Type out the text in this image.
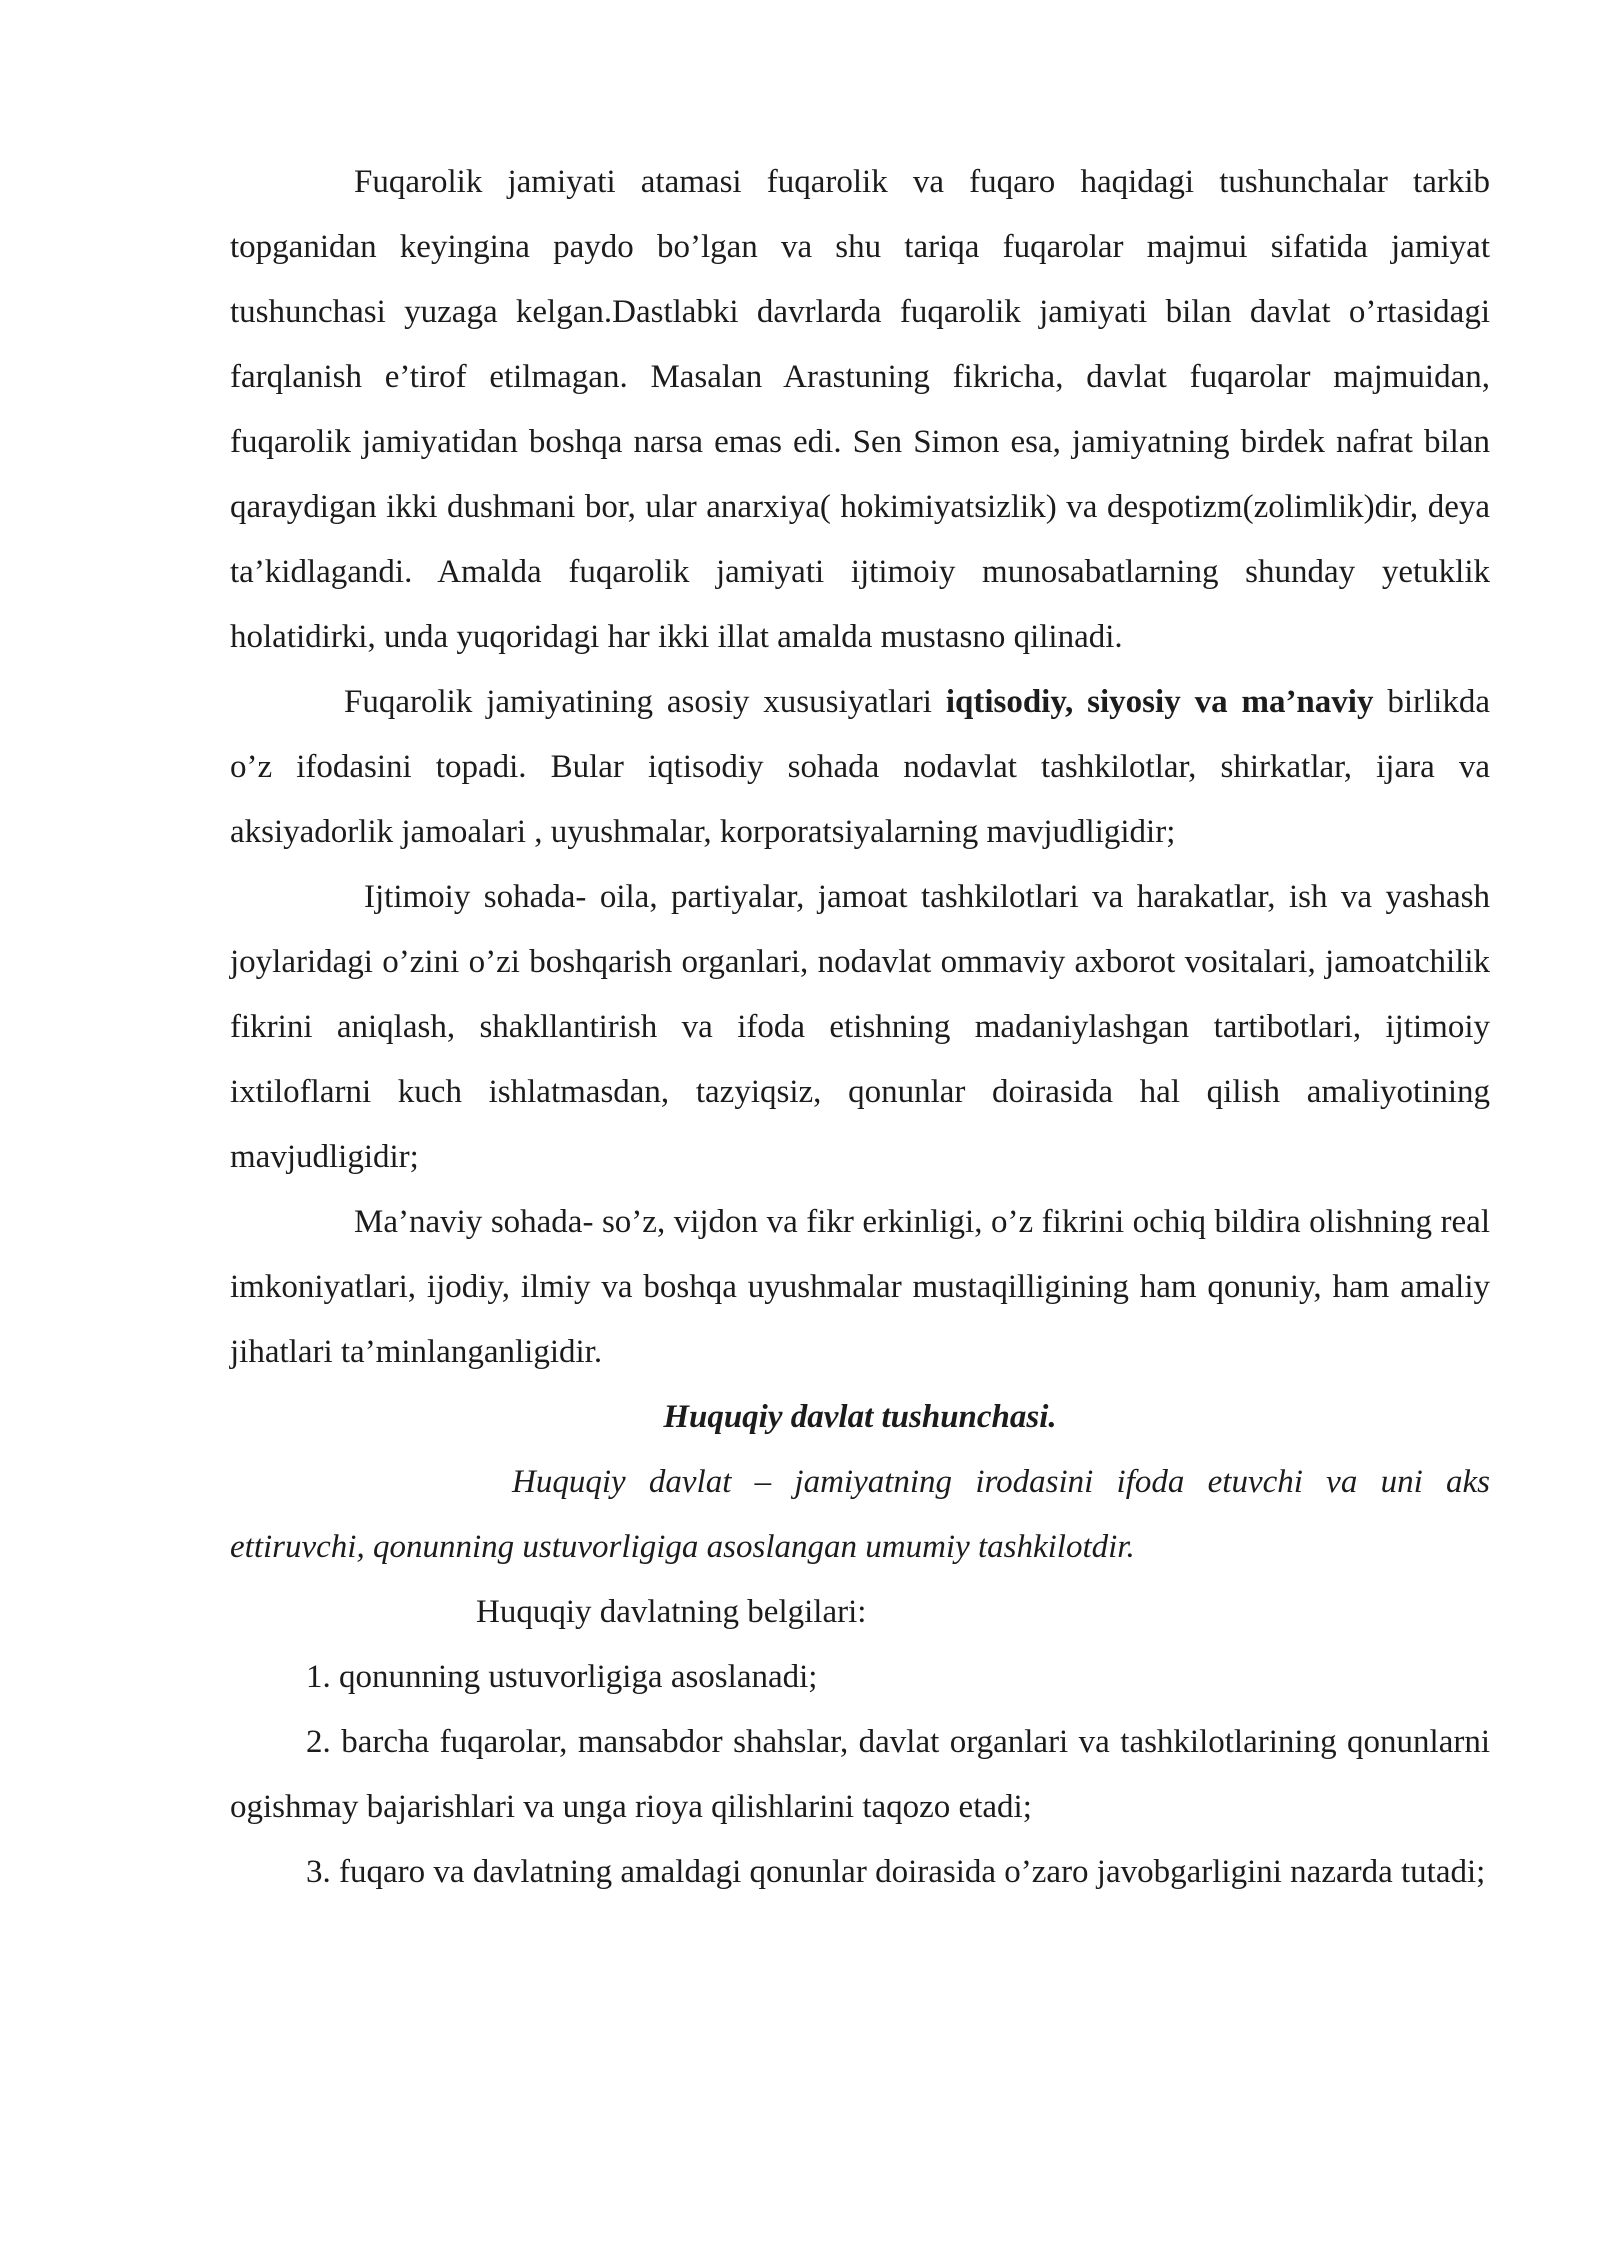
Fuqarolik jamiyati atamasi fuqarolik va fuqaro haqidagi tushunchalar tarkib topganidan keyingina paydo bo’lgan va shu tariqa fuqarolar majmui sifatida jamiyat tushunchasi yuzaga kelgan.Dastlabki davrlarda fuqarolik jamiyati bilan davlat o’rtasidagi farqlanish e’tirof etilmagan. Masalan Arastuning fikricha, davlat fuqarolar majmuidan, fuqarolik jamiyatidan boshqa narsa emas edi. Sen Simon esa, jamiyatning birdek nafrat bilan qaraydigan ikki dushmani bor, ular anarxiya( hokimiyatsizlik) va despotizm(zolimlik)dir, deya ta’kidlagandi. Amalda fuqarolik jamiyati ijtimoiy munosabatlarning shunday yetuklik holatidirki, unda yuqoridagi har ikki illat amalda mustasno qilinadi.

Fuqarolik jamiyatining asosiy xususiyatlari iqtisodiy, siyosiy va ma’naviy birlikda o’z ifodasini topadi. Bular iqtisodiy sohada nodavlat tashkilotlar, shirkatlar, ijara va aksiyadorlik jamoalari , uyushmalar, korporatsiyalarning mavjudligidir;

Ijtimoiy sohada- oila, partiyalar, jamoat tashkilotlari va harakatlar, ish va yashash joylaridagi o’zini o’zi boshqarish organlari, nodavlat ommaviy axborot vositalari, jamoatchilik fikrini aniqlash, shakllantirish va ifoda etishning madaniylashgan tartibotlari, ijtimoiy ixtiloflarni kuch ishlatmasdan, tazyiqsiz, qonunlar doirasida hal qilish amaliyotining mavjudligidir;

Ma’naviy sohada- so’z, vijdon va fikr erkinligi, o’z fikrini ochiq bildira olishning real imkoniyatlari, ijodiy, ilmiy va boshqa uyushmalar mustaqilligining ham qonuniy, ham amaliy jihatlari ta’minlanganligidir.

Huquqiy davlat tushunchasi.

Huquqiy davlat – jamiyatning irodasini ifoda etuvchi va uni aks ettiruvchi, qonunning ustuvorligiga asoslangan umumiy tashkilotdir.

Huquqiy davlatning belgilari:

1. qonunning ustuvorligiga asoslanadi;

2. barcha fuqarolar, mansabdor shahslar, davlat organlari va tashkilotlarining qonunlarni ogishmay bajarishlari va unga rioya qilishlarini taqozo etadi;

3. fuqaro va davlatning amaldagi qonunlar doirasida o’zaro javobgarligini nazarda tutadi;
